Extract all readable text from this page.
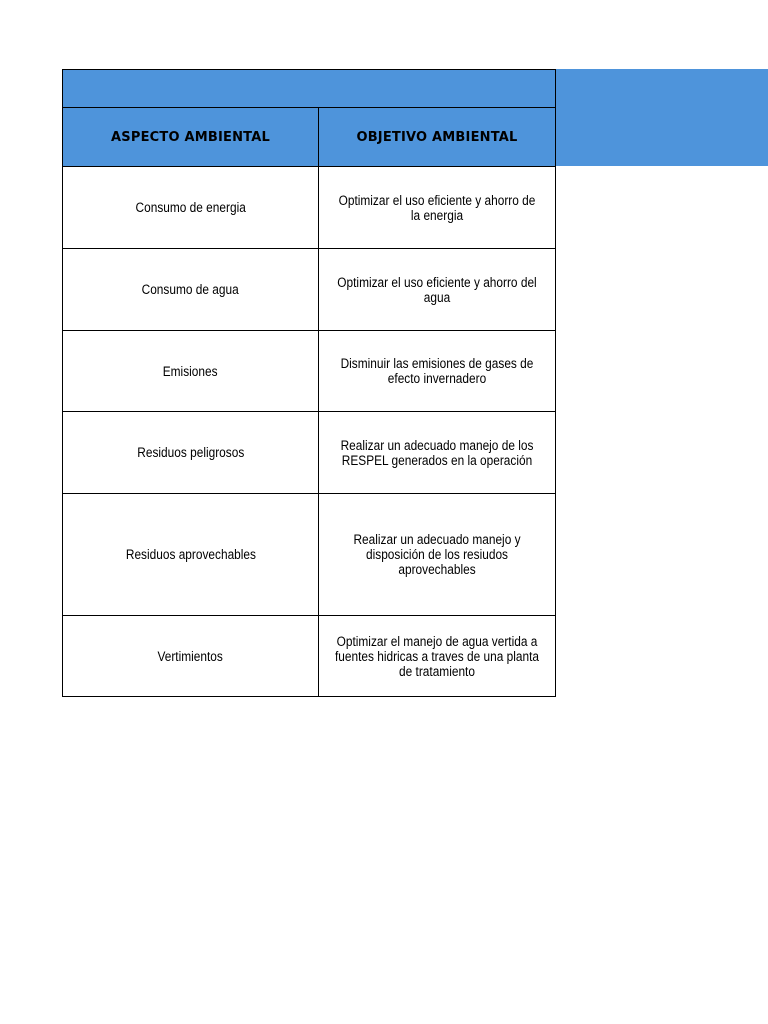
ASPECTO AMBIENTAL	OBJETIVO AMBIENTAL
Consumo de energia	Optimizar el uso eficiente y ahorro de la energia
Consumo de agua	Optimizar el uso eficiente y ahorro del agua
Emisiones	Disminuir las emisiones de gases de efecto invernadero
Residuos peligrosos	Realizar un adecuado manejo de los RESPEL generados en la operación
Residuos aprovechables	Realizar un adecuado manejo y disposición de los resiudos aprovechables
Vertimientos	Optimizar el manejo de agua vertida a fuentes hidricas a traves de una planta de tratamiento
